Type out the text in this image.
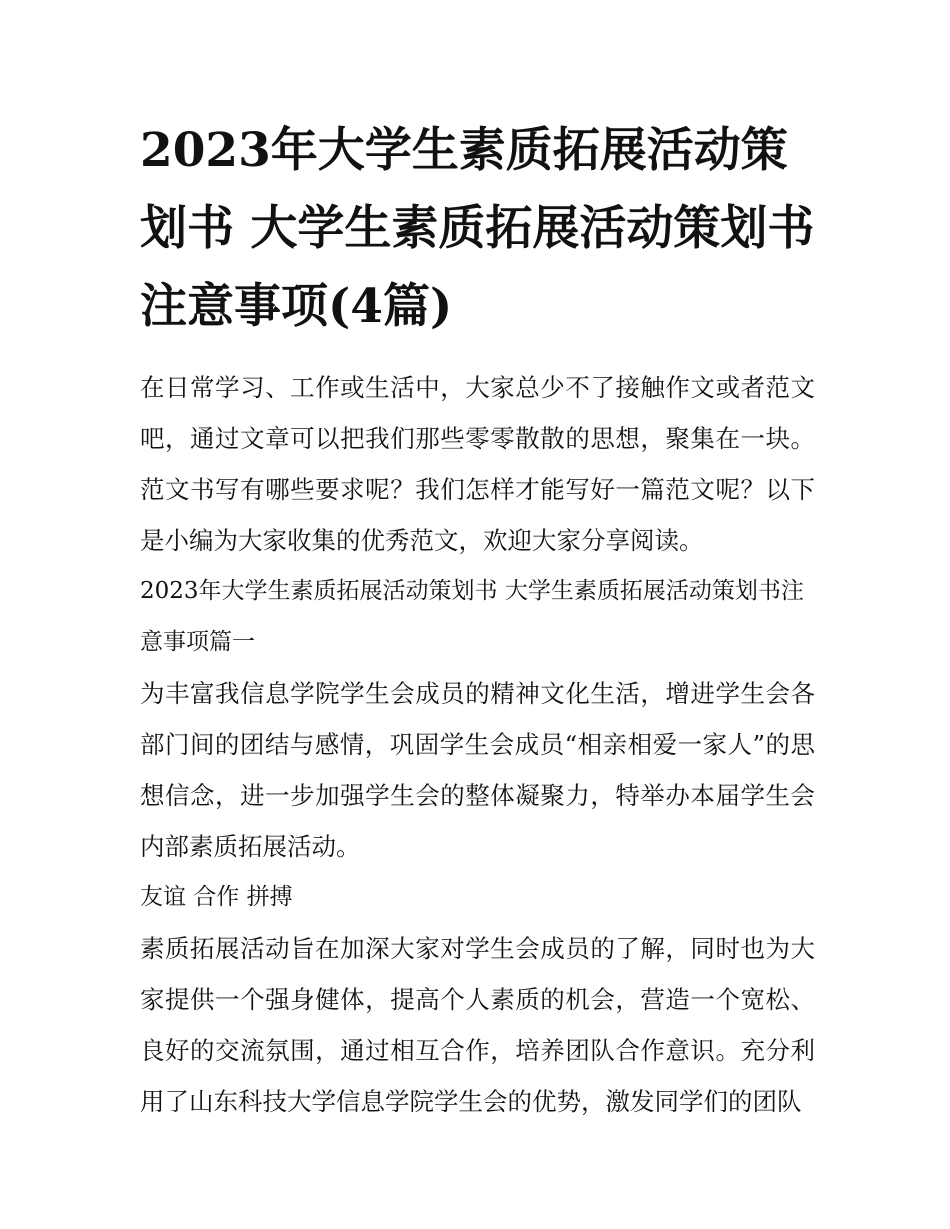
2023年大学生素质拓展活动策划书 大学生素质拓展活动策划书注意事项(4篇)

在日常学习、工作或生活中，大家总少不了接触作文或者范文吧，通过文章可以把我们那些零零散散的思想，聚集在一块。范文书写有哪些要求呢？我们怎样才能写好一篇范文呢？以下是小编为大家收集的优秀范文，欢迎大家分享阅读。

2023年大学生素质拓展活动策划书 大学生素质拓展活动策划书注意事项篇一

为丰富我信息学院学生会成员的精神文化生活，增进学生会各部门间的团结与感情，巩固学生会成员“相亲相爱一家人”的思想信念，进一步加强学生会的整体凝聚力，特举办本届学生会内部素质拓展活动。

友谊 合作 拼搏

素质拓展活动旨在加深大家对学生会成员的了解，同时也为大家提供一个强身健体，提高个人素质的机会，营造一个宽松、良好的交流氛围，通过相互合作，培养团队合作意识。充分利用了山东科技大学信息学院学生会的优势，激发同学们的团队
